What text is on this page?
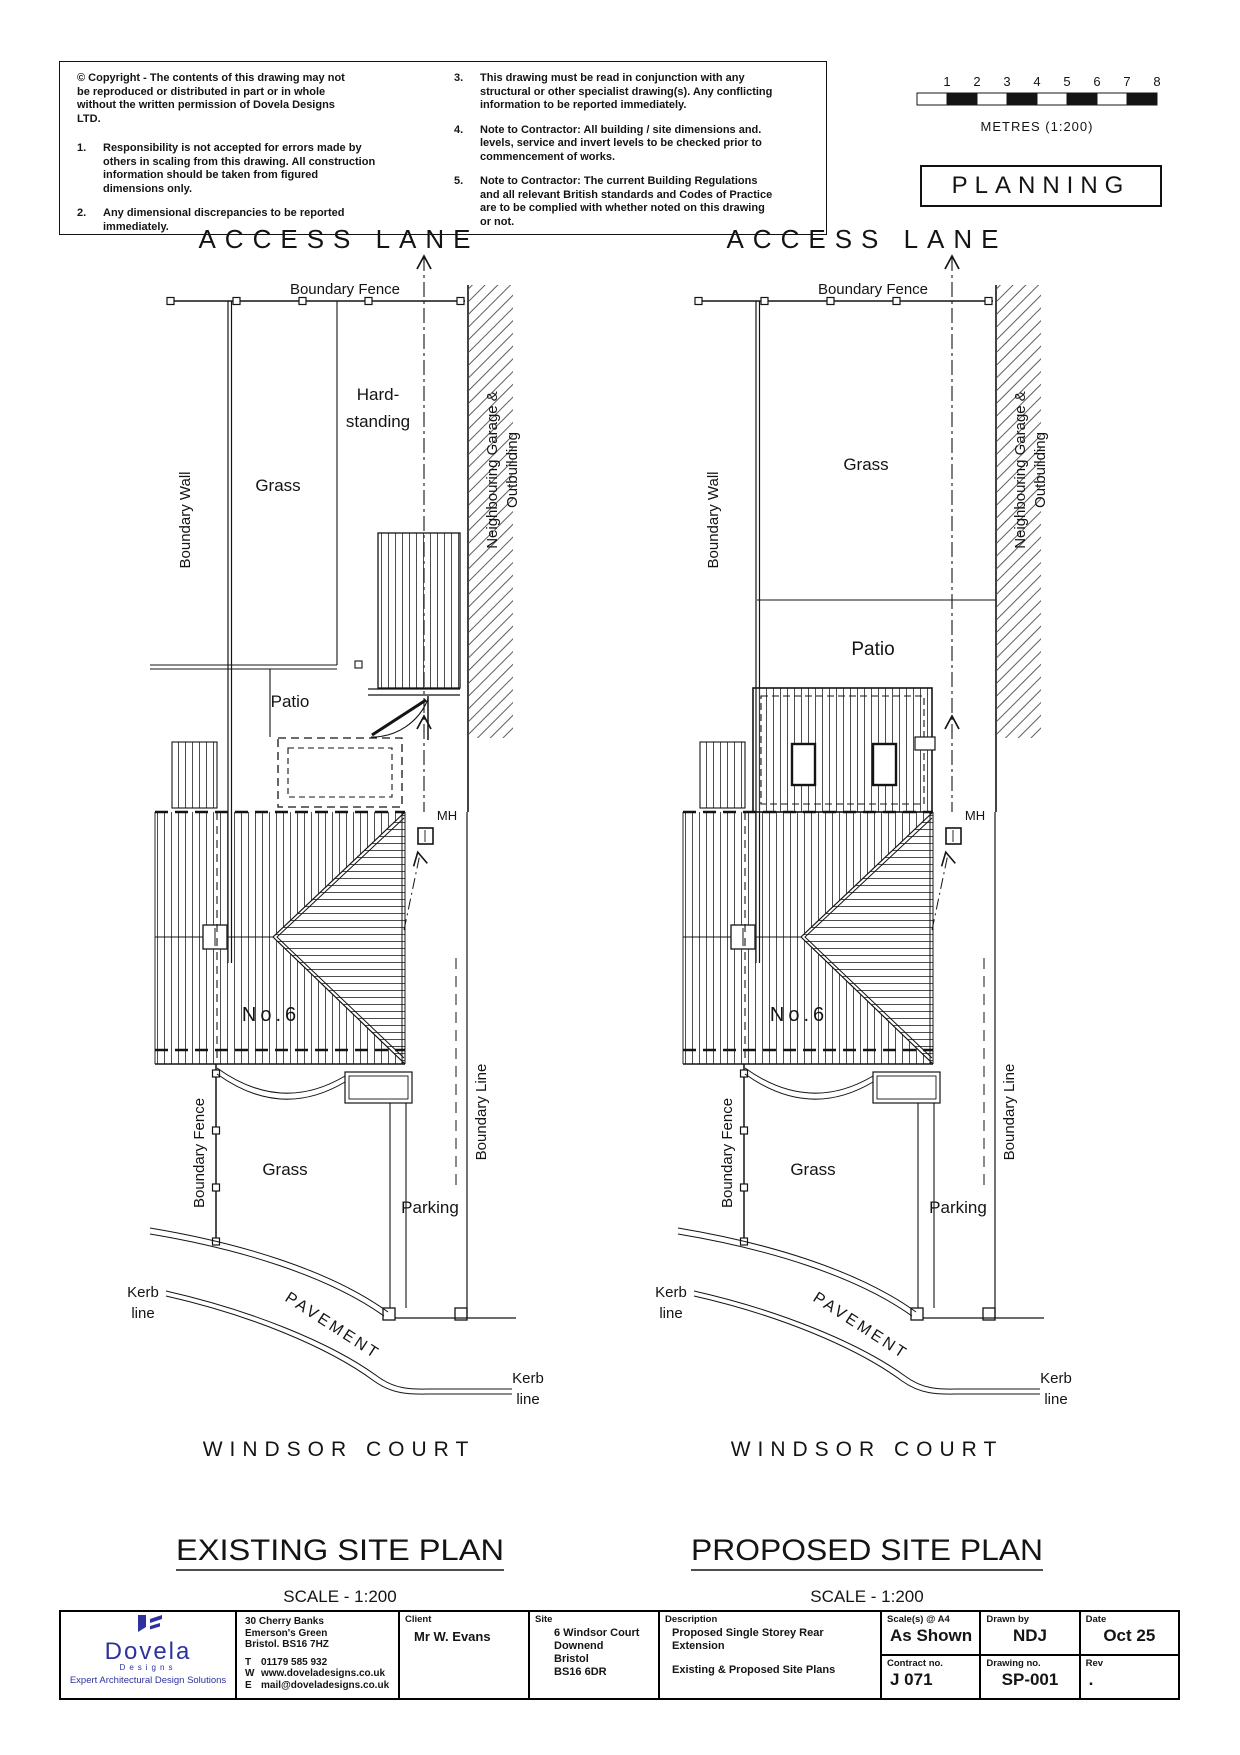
© Copyright - The contents of this drawing may not be reproduced or distributed in part or in whole without the written permission of Dovela Designs LTD.
1.	Responsibility is not accepted for errors made by others in scaling from this drawing. All construction information should be taken from figured dimensions only.
2.	Any dimensional discrepancies to be reported immediately.
3.	This drawing must be read in conjunction with any structural or other specialist drawing(s). Any conflicting information to be reported immediately.
4.	Note to Contractor: All building / site dimensions and. levels, service and invert levels to be checked prior to commencement of works.
5.	Note to Contractor: The current Building Regulations and all relevant British standards and Codes of Practice are to be complied with whether noted on this drawing or not.
PLANNING
1 2 3 4 5 6 7 8
METRES (1:200)
ACCESS LANE
Boundary Fence
Boundary Wall	Grass
Hard-
standing	Neighbouring Garage & Outbuilding
Patio
MH
No.6
Boundary Fence	Grass
Parking
Boundary Line
Kerb
line	PAVEMENT
Kerb
line
WINDSOR COURT
EXISTING SITE PLAN
SCALE - 1:200
ACCESS LANE
Boundary Fence
Boundary Wall
Grass	Neighbouring Garage & Outbuilding
Patio
MH
No.6
Boundary Fence	Grass
Parking
Boundary Line
Kerb
line	PAVEMENT
Kerb
line
WINDSOR COURT
PROPOSED SITE PLAN
SCALE - 1:200
Dovela
Designs
Expert Architectural Design Solutions
30 Cherry Banks
Emerson's Green
Bristol. BS16 7HZ
T 01179 585 932
W www.doveladesigns.co.uk
E mail@doveladesigns.co.uk
Client
Mr W. Evans
Site
6 Windsor Court
Downend
Bristol
BS16 6DR
Description
Proposed Single Storey Rear
Extension
Existing & Proposed Site Plans
Scale(s) @ A4
As Shown
Drawn by
NDJ
Date
Oct 25
Contract no.
J 071
Drawing no.
SP-001
Rev
.
